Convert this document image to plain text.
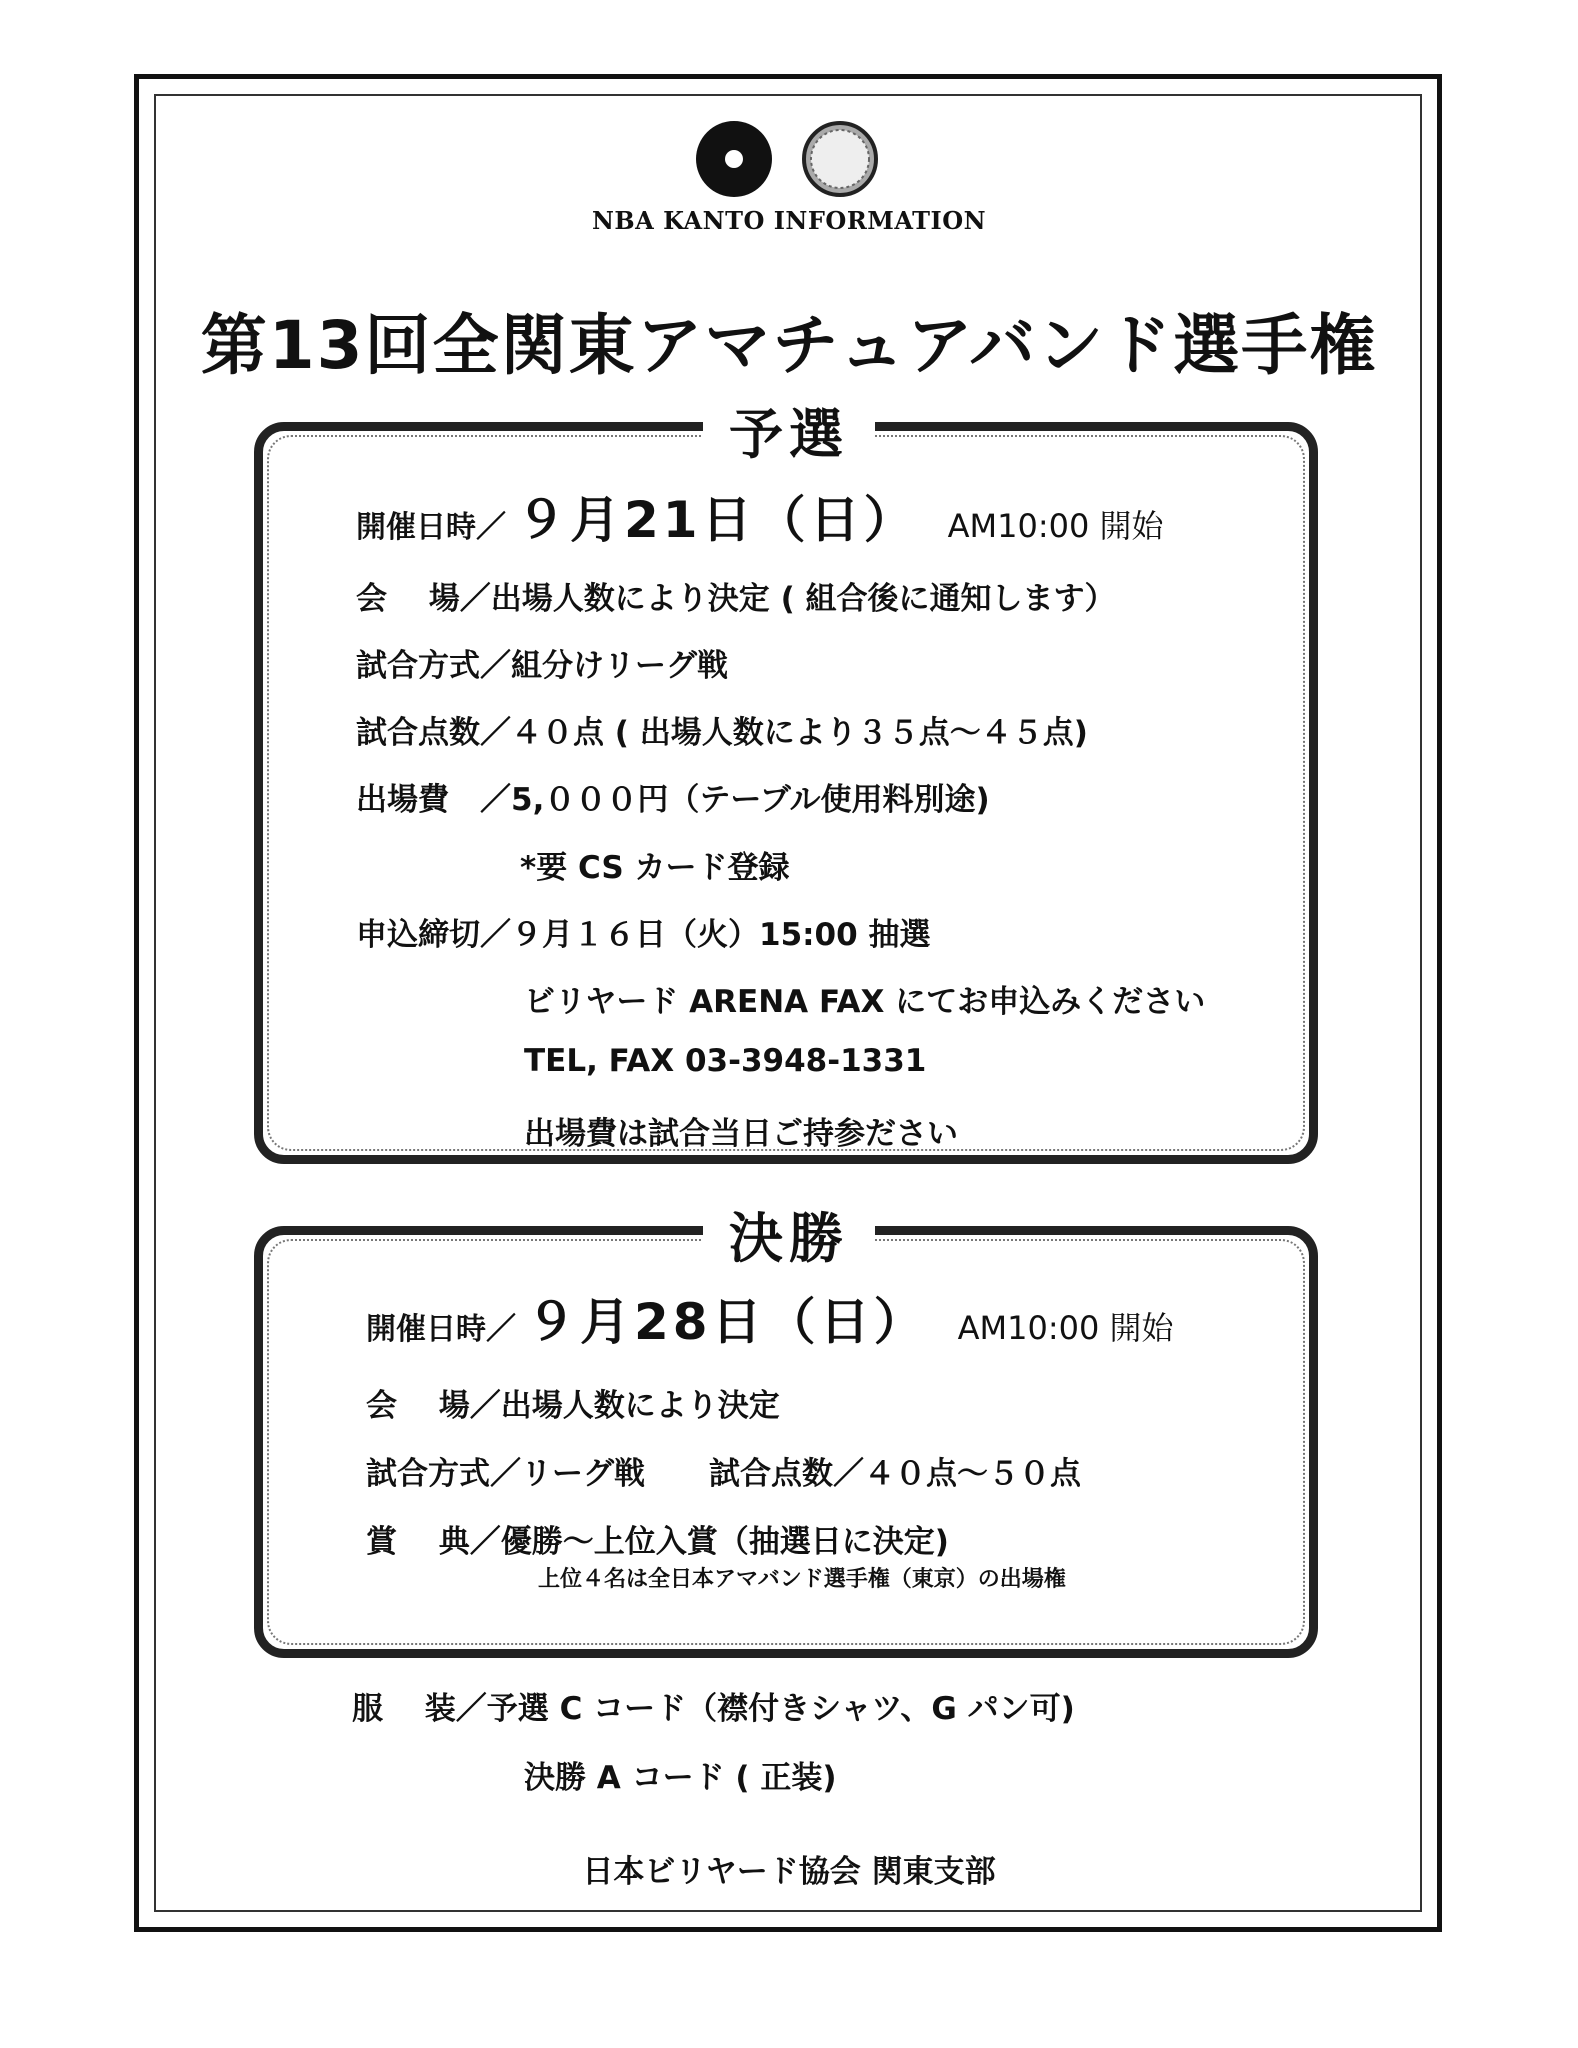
NBA KANTO INFORMATION
第13回全関東アマチュアバンド選手権
予選
開催日時／ ９月21日（日） AM10:00 開始
会　 場／出場人数により決定 ( 組合後に通知します）
試合方式／組分けリーグ戦
試合点数／４０点 ( 出場人数により３５点〜４５点)
出場費　／5,０００円（テーブル使用料別途)
*要 CS カード登録
申込締切／９月１６日（火）15:00 抽選
ビリヤード ARENA FAX にてお申込みください
TEL, FAX 03-3948-1331
出場費は試合当日ご持参ださい
決勝
開催日時／ ９月28日（日） AM10:00 開始
会　 場／出場人数により決定
試合方式／リーグ戦 試合点数／４０点〜５０点
賞　 典／優勝〜上位入賞（抽選日に決定)
上位４名は全日本アマバンド選手権（東京）の出場権
服　 装／予選 C コード（襟付きシャツ、G パン可)
決勝 A コード ( 正装)
日本ビリヤード協会 関東支部
